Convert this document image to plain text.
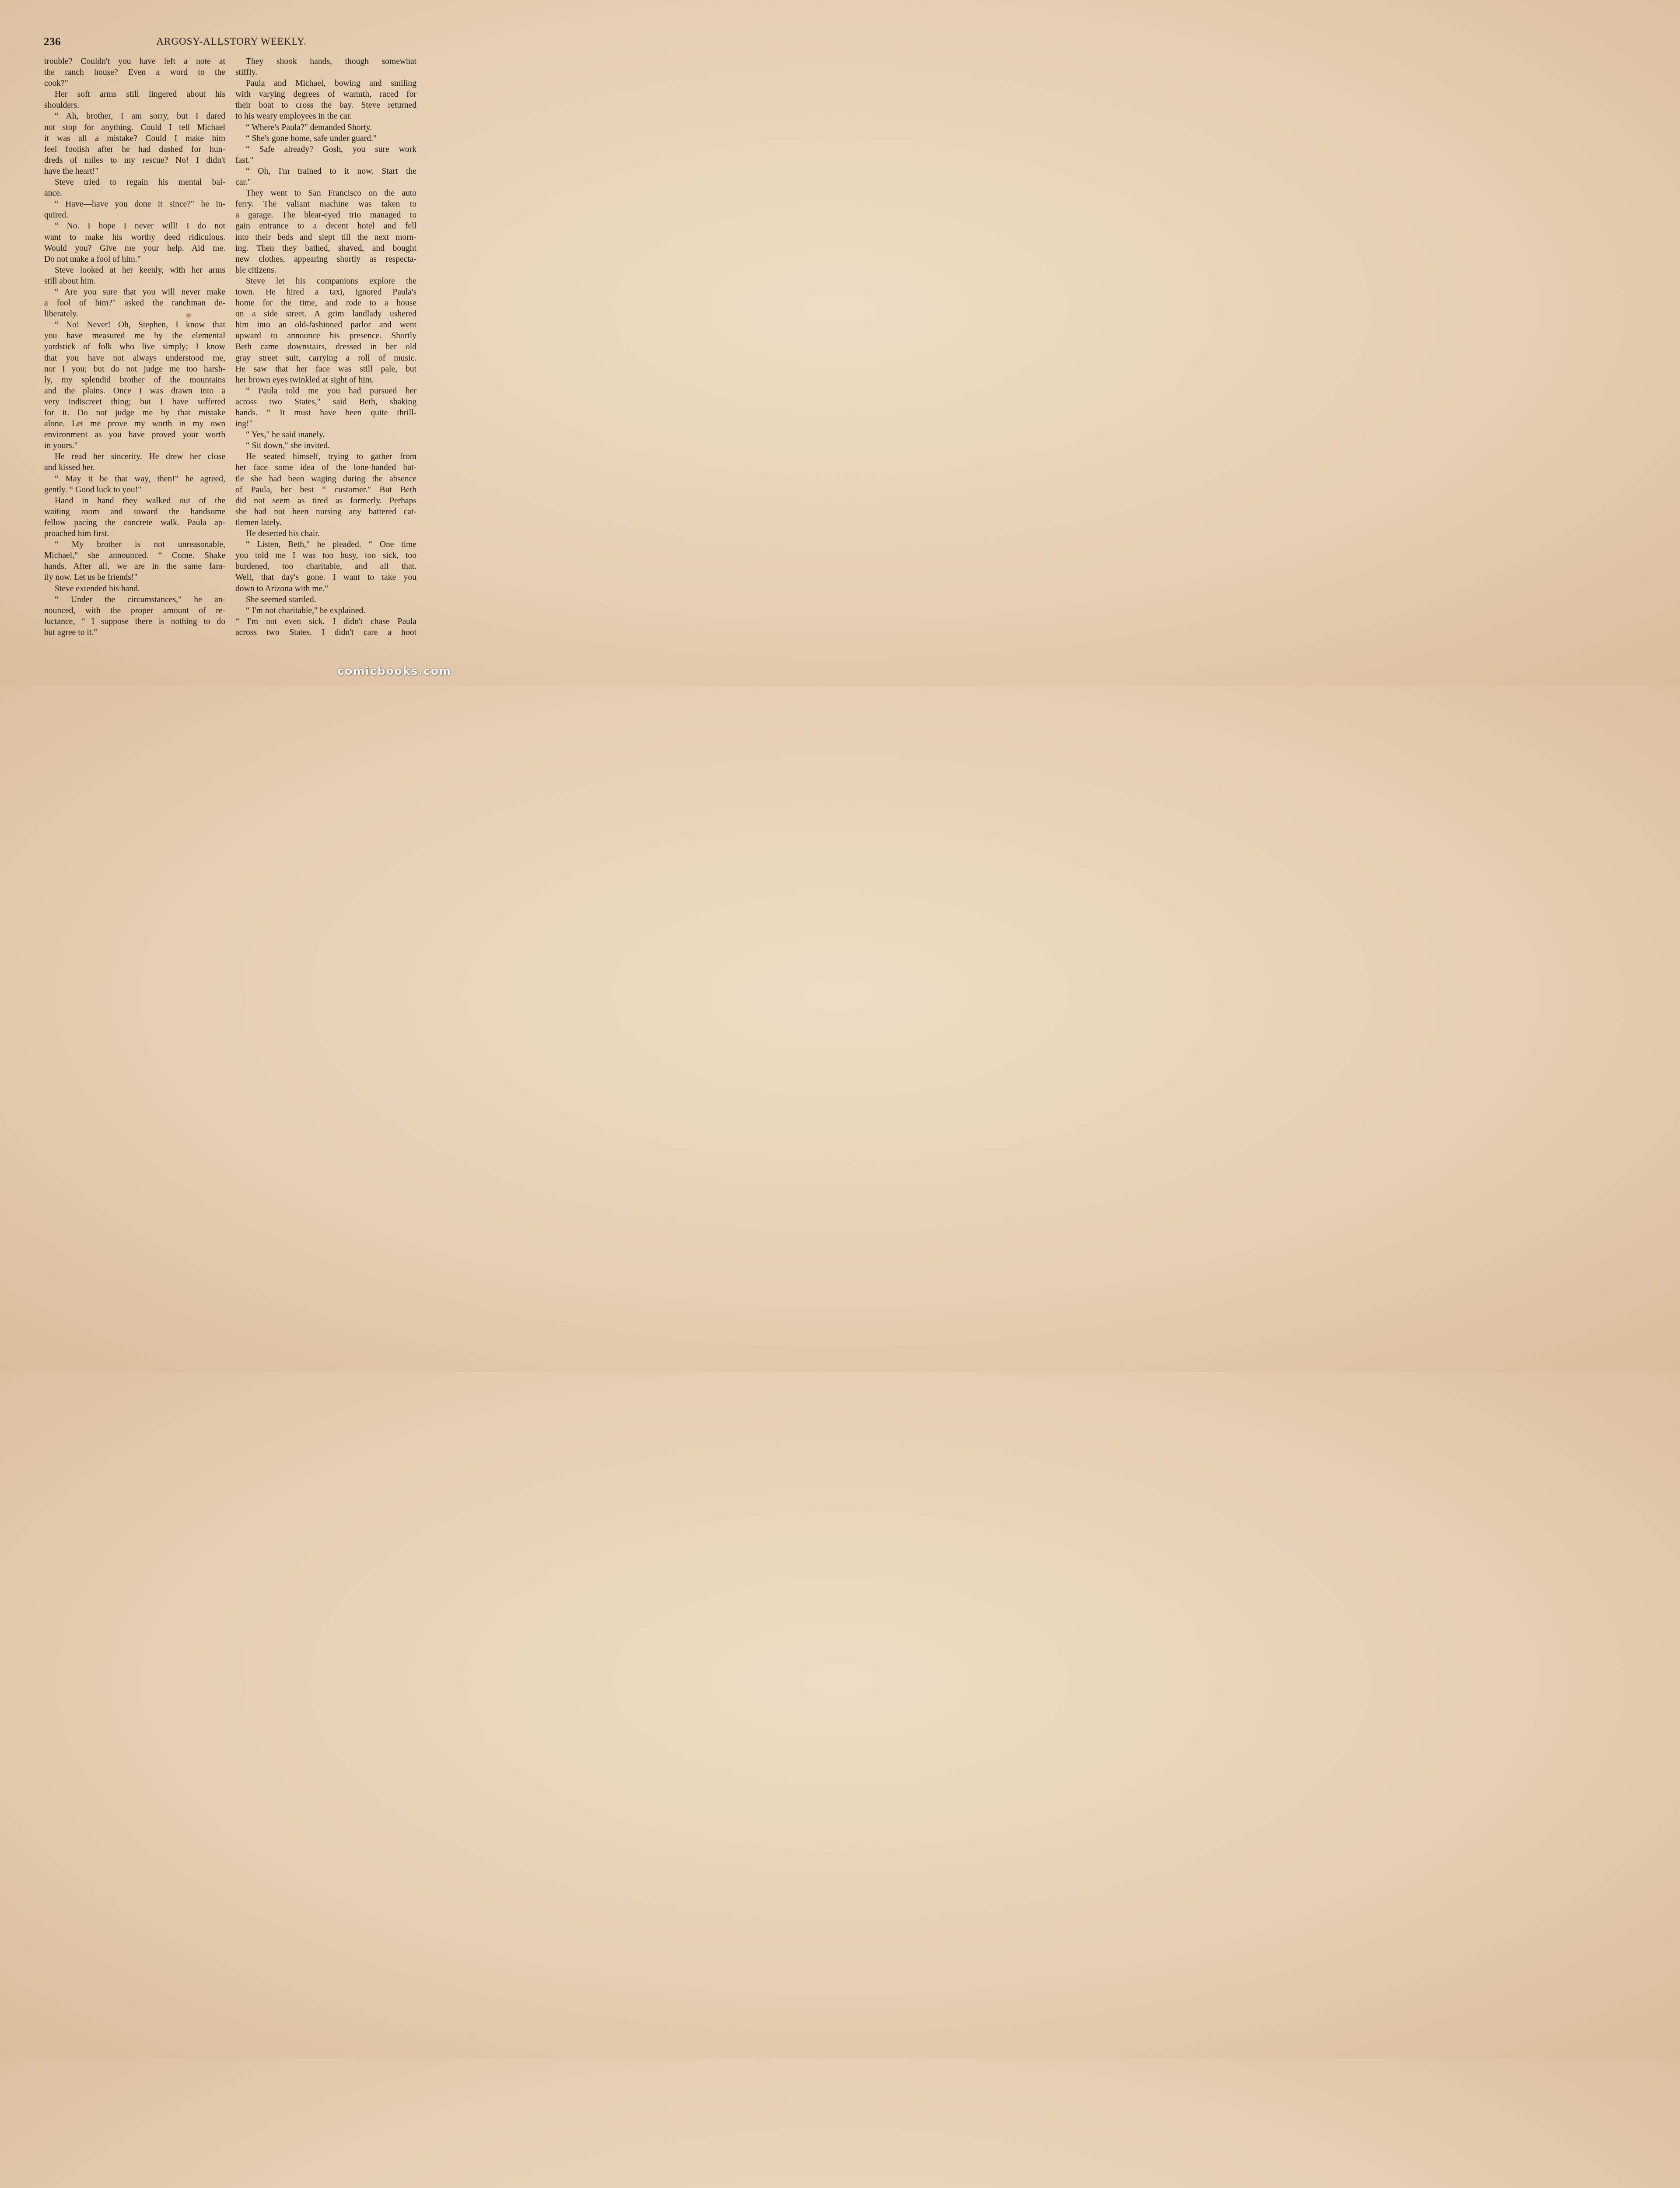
236	ARGOSY-ALLSTORY WEEKLY.
trouble? Couldn't you have left a note at
the ranch house? Even a word to the
cook?"
Her soft arms still lingered about his
shoulders.
“ Ah, brother, I am sorry, but I dared
not stop for anything. Could I tell Michael
it was all a mistake? Could I make him
feel foolish after he had dashed for hun-
dreds of miles to my rescue? No! I didn't
have the heart!"
Steve tried to regain his mental bal-
ance.
“ Have—have you done it since?" he in-
quired.
“ No. I hope I never will! I do not
want to make his worthy deed ridiculous.
Would you? Give me your help. Aid me.
Do not make a fool of him."
Steve looked at her keenly, with her arms
still about him.
“ Are you sure that you will never make
a fool of him?" asked the ranchman de-
liberately.
“ No! Never! Oh, Stephen, I know that
you have measured me by the elemental
yardstick of folk who live simply; I know
that you have not always understood me,
nor I you; but do not judge me too harsh-
ly, my splendid brother of the mountains
and the plains. Once I was drawn into a
very indiscreet thing; but I have suffered
for it. Do not judge me by that mistake
alone. Let me prove my worth in my own
environment as you have proved your worth
in yours."
He read her sincerity. He drew her close
and kissed her.
“ May it be that way, then!" he agreed,
gently. “ Good luck to you!"
Hand in hand they walked out of the
waiting room and toward the handsome
fellow pacing the concrete walk. Paula ap-
proached him first.
“ My brother is not unreasonable,
Michael," she announced. “ Come. Shake
hands. After all, we are in the same fam-
ily now. Let us be friends!"
Steve extended his hand.
“ Under the circumstances," he an-
nounced, with the proper amount of re-
luctance, “ I suppose there is nothing to do
but agree to it."
They shook hands, though somewhat
stiffly.
Paula and Michael, bowing and smiling
with varying degrees of warmth, raced for
their boat to cross the bay. Steve returned
to his weary employees in the car.
“ Where's Paula?" demanded Shorty.
“ She's gone home, safe under guard."
“ Safe already? Gosh, you sure work
fast."
“ Oh, I'm trained to it now. Start the
car."
They went to San Francisco on the auto
ferry. The valiant machine was taken to
a garage. The blear-eyed trio managed to
gain entrance to a decent hotel and fell
into their beds and slept till the next morn-
ing. Then they bathed, shaved, and bought
new clothes, appearing shortly as respecta-
ble citizens.
Steve let his companions explore the
town. He hired a taxi, ignored Paula's
home for the time, and rode to a house
on a side street. A grim landlady ushered
him into an old-fashioned parlor and went
upward to announce his presence. Shortly
Beth came downstairs, dressed in her old
gray street suit, carrying a roll of music.
He saw that her face was still pale, but
her brown eyes twinkled at sight of him.
“ Paula told me you had pursued her
across two States," said Beth, shaking
hands. “ It must have been quite thrill-
ing!"
“ Yes," he said inanely.
“ Sit down," she invited.
He seated himself, trying to gather from
her face some idea of the lone-handed bat-
tle she had been waging during the absence
of Paula, her best “ customer." But Beth
did not seem as tired as formerly. Perhaps
she had not been nursing any battered cat-
tlemen lately.
He deserted his chair.
“ Listen, Beth," he pleaded. “ One time
you told me I was too busy, too sick, too
burdened, too charitable, and all that.
Well, that day's gone. I want to take you
down to Arizona with me."
She seemed startled.
“ I'm not charitable," he explained.
“ I'm not even sick. I didn't chase Paula
across two States. I didn't care a hoot
comicbooks.com
